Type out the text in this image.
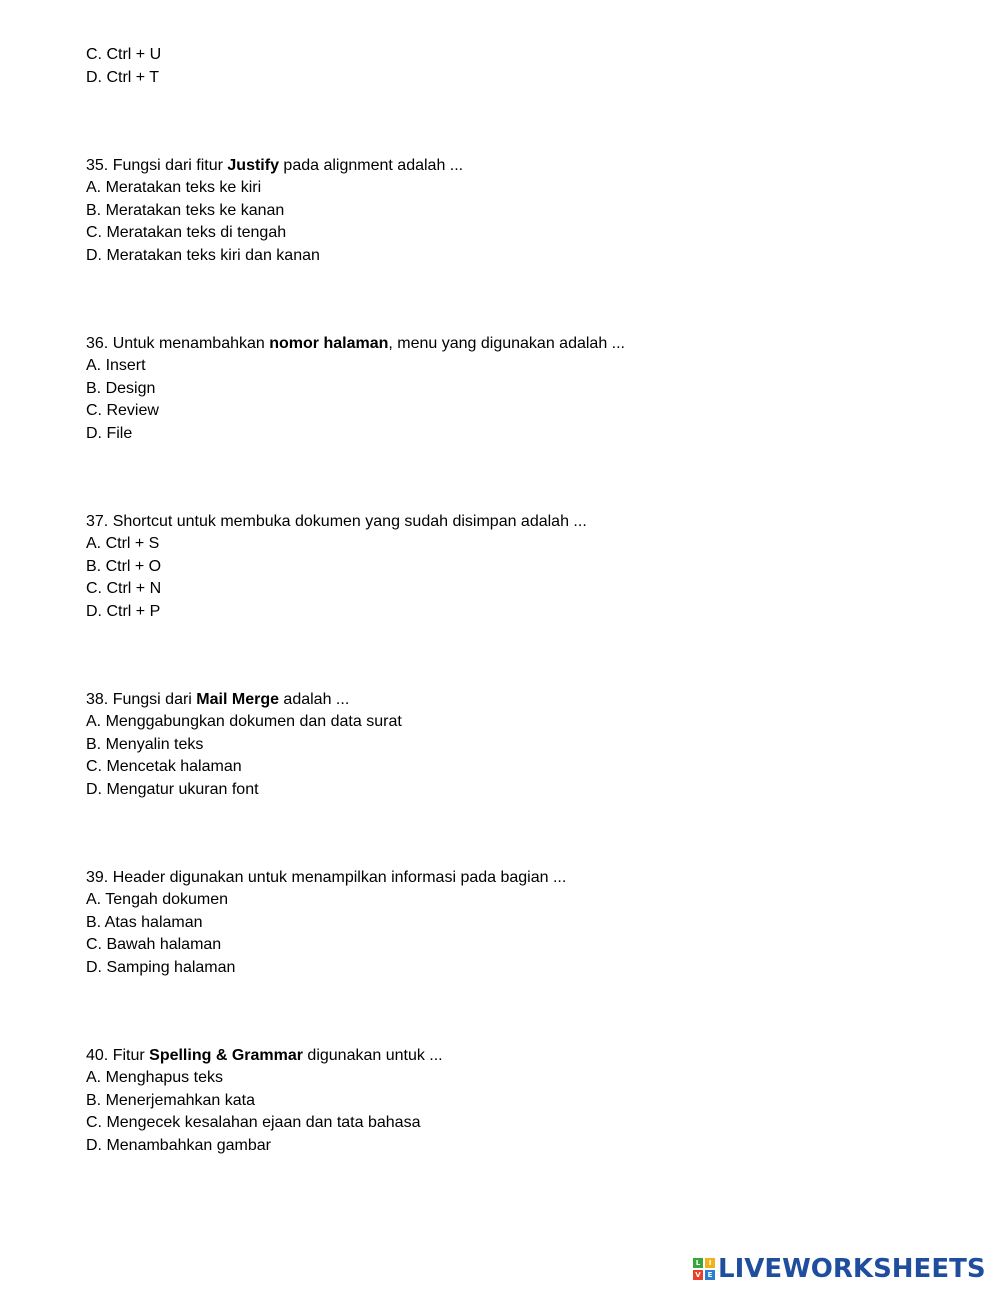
C. Ctrl + U
D. Ctrl + T
35. Fungsi dari fitur Justify pada alignment adalah ...
A. Meratakan teks ke kiri
B. Meratakan teks ke kanan
C. Meratakan teks di tengah
D. Meratakan teks kiri dan kanan
36. Untuk menambahkan nomor halaman, menu yang digunakan adalah ...
A. Insert
B. Design
C. Review
D. File
37. Shortcut untuk membuka dokumen yang sudah disimpan adalah ...
A. Ctrl + S
B. Ctrl + O
C. Ctrl + N
D. Ctrl + P
38. Fungsi dari Mail Merge adalah ...
A. Menggabungkan dokumen dan data surat
B. Menyalin teks
C. Mencetak halaman
D. Mengatur ukuran font
39. Header digunakan untuk menampilkan informasi pada bagian ...
A. Tengah dokumen
B. Atas halaman
C. Bawah halaman
D. Samping halaman
40. Fitur Spelling & Grammar digunakan untuk ...
A. Menghapus teks
B. Menerjemahkan kata
C. Mengecek kesalahan ejaan dan tata bahasa
D. Menambahkan gambar
L	I
V E LIVEWORKSHEETS
